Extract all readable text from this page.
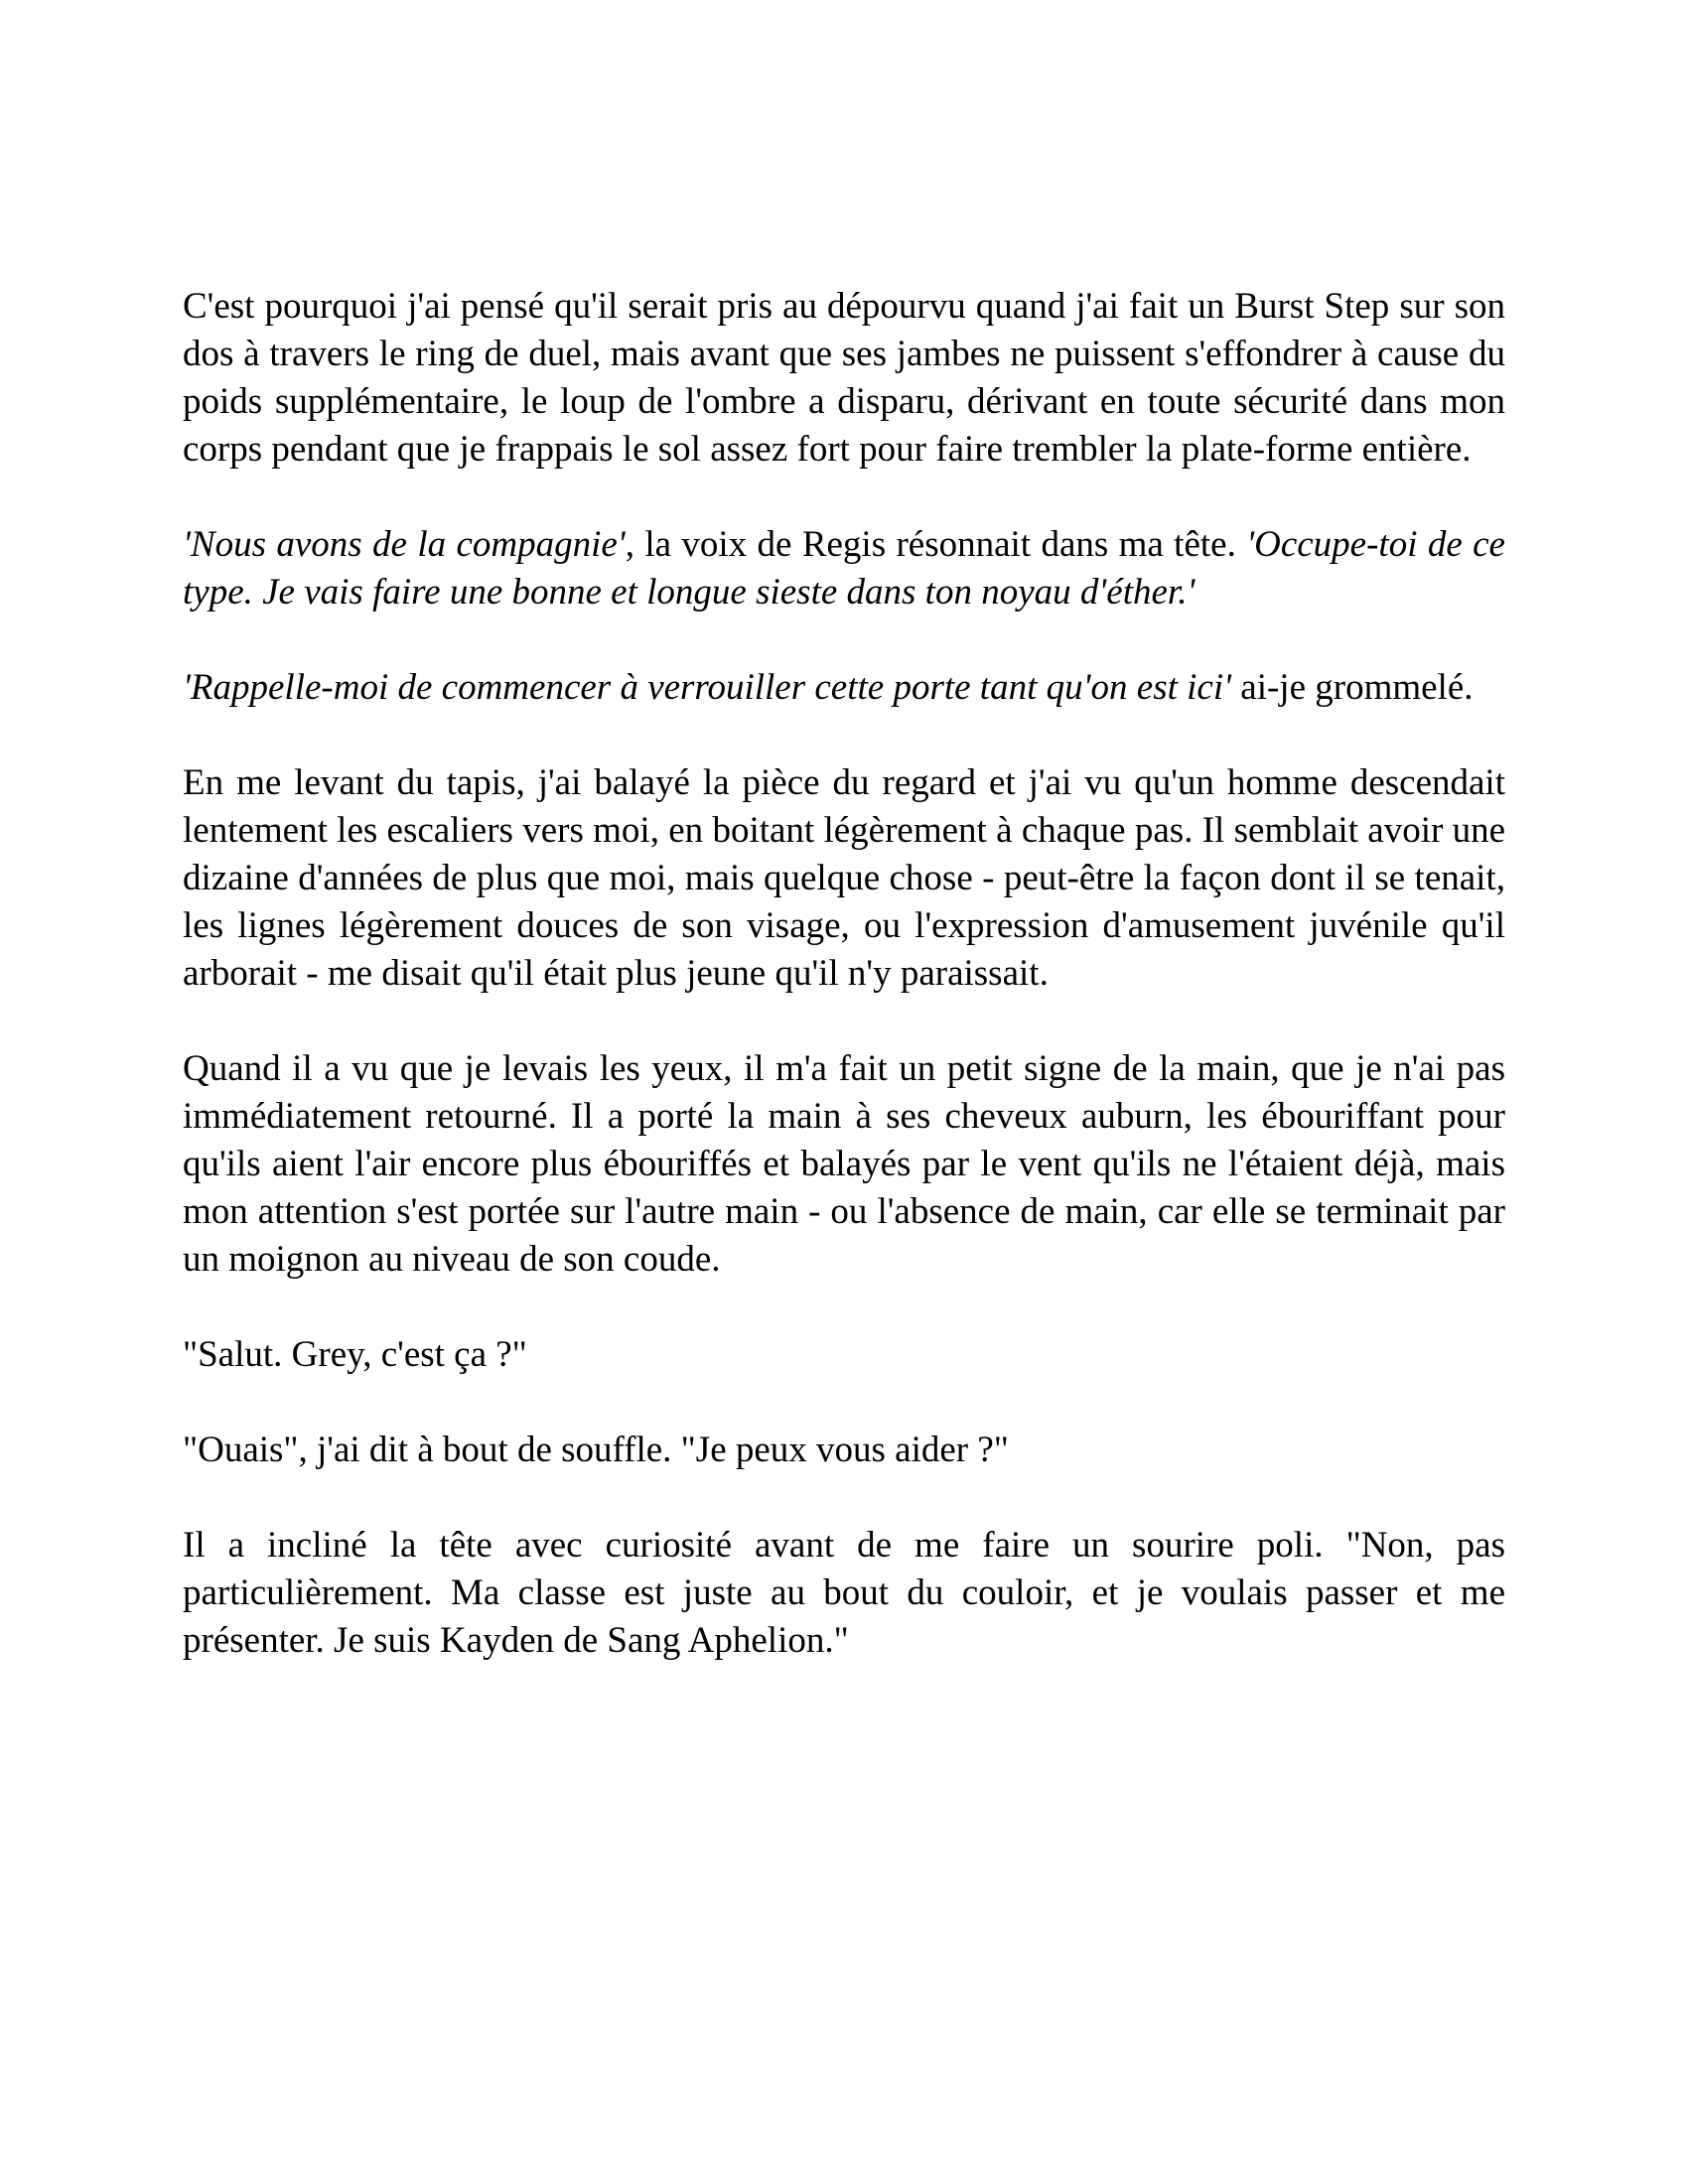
C'est pourquoi j'ai pensé qu'il serait pris au dépourvu quand j'ai fait un Burst Step sur son dos à travers le ring de duel, mais avant que ses jambes ne puissent s'effondrer à cause du poids supplémentaire, le loup de l'ombre a disparu, dérivant en toute sécurité dans mon corps pendant que je frappais le sol assez fort pour faire trembler la plate-forme entière.

'Nous avons de la compagnie', la voix de Regis résonnait dans ma tête. 'Occupe-toi de ce type. Je vais faire une bonne et longue sieste dans ton noyau d'éther.'

'Rappelle-moi de commencer à verrouiller cette porte tant qu'on est ici' ai-je grommelé.

En me levant du tapis, j'ai balayé la pièce du regard et j'ai vu qu'un homme descendait lentement les escaliers vers moi, en boitant légèrement à chaque pas. Il semblait avoir une dizaine d'années de plus que moi, mais quelque chose - peut-être la façon dont il se tenait, les lignes légèrement douces de son visage, ou l'expression d'amusement juvénile qu'il arborait - me disait qu'il était plus jeune qu'il n'y paraissait.

Quand il a vu que je levais les yeux, il m'a fait un petit signe de la main, que je n'ai pas immédiatement retourné. Il a porté la main à ses cheveux auburn, les ébouriffant pour qu'ils aient l'air encore plus ébouriffés et balayés par le vent qu'ils ne l'étaient déjà, mais mon attention s'est portée sur l'autre main - ou l'absence de main, car elle se terminait par un moignon au niveau de son coude.

"Salut. Grey, c'est ça ?"

"Ouais", j'ai dit à bout de souffle. "Je peux vous aider ?"

Il a incliné la tête avec curiosité avant de me faire un sourire poli. "Non, pas particulièrement. Ma classe est juste au bout du couloir, et je voulais passer et me présenter. Je suis Kayden de Sang Aphelion."
